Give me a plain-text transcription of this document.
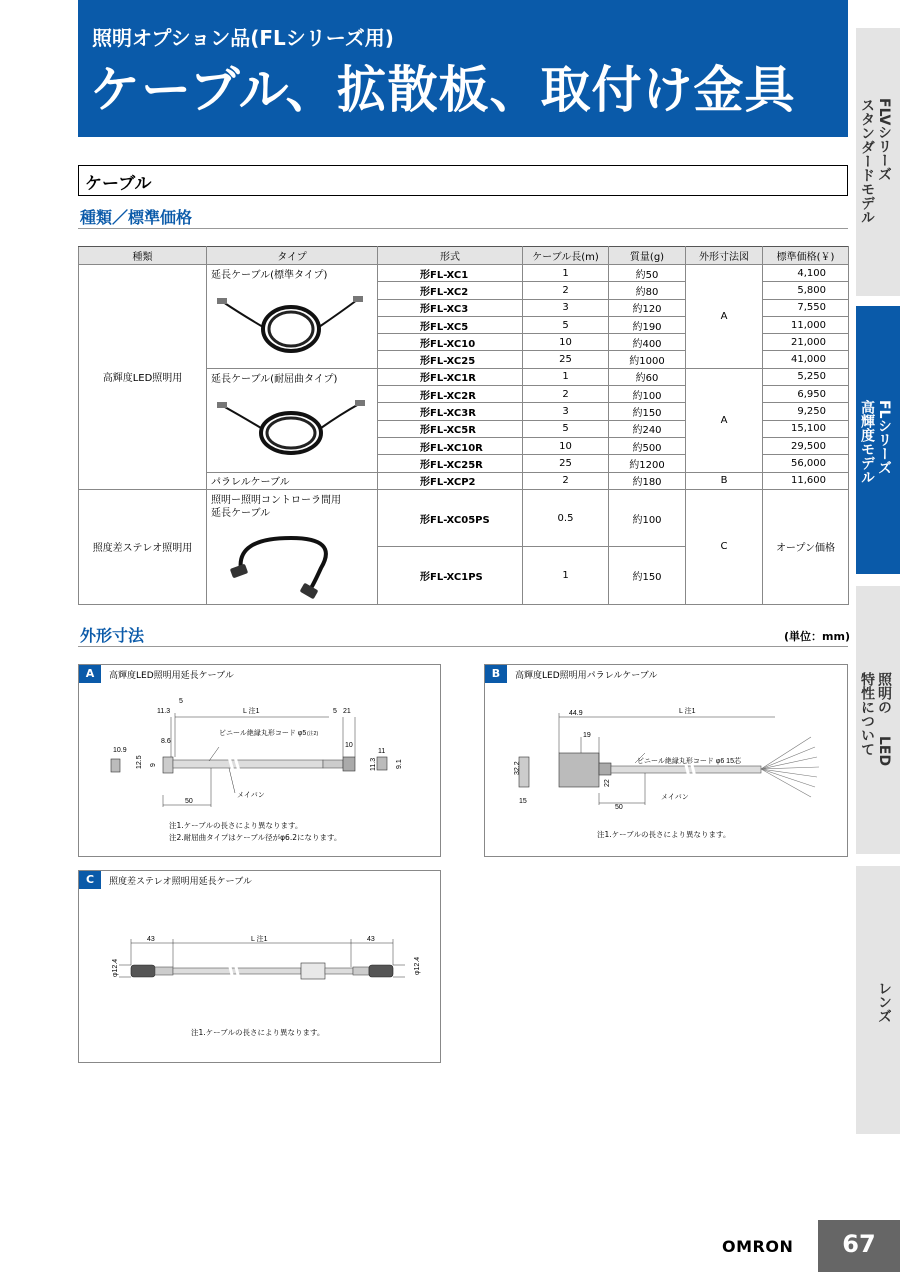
照明オプション品(FLシリーズ用)
ケーブル、拡散板、取付け金具
FLVシリーズ
スタンダードモデル
FLシリーズ
高輝度モデル
照明の
特性について LED
レンズ
ケーブル
種類／標準価格
種類	タイプ	形式	ケーブル長(m)	質量(g)	外形寸法図	標準価格(￥)
高輝度LED照明用	延長ケーブル(標準タイプ)	形FL-XC1	1	約50	A	4,100
		形FL-XC2	2	約80		5,800
		形FL-XC3	3	約120		7,550
		形FL-XC5	5	約190		11,000
		形FL-XC10	10	約400		21,000
		形FL-XC25	25	約1000		41,000

	延長ケーブル(耐屈曲タイプ)	形FL-XC1R	1	約60	A	5,250
		形FL-XC2R	2	約100		6,950
		形FL-XC3R	3	約150		9,250
		形FL-XC5R	5	約240		15,100
		形FL-XC10R	10	約500		29,500
		形FL-XC25R	25	約1200		56,000
	パラレルケーブル	形FL-XCP2	2	約180	B	11,600
照度差ステレオ照明用	照明ー照明コントローラ間用
延長ケーブル	形FL-XC05PS	0.5	約100	C	オープン価格
		形FL-XC1PS	1	約150		
外形寸法	(単位：mm)
A	高輝度LED照明用延長ケーブル
5
11.3	L 注1	5 21
ビニール絶縁丸形コード φ5 (注2)
10.9
8.6
12.5 9
10
11
11.3	9.1
50
メイバン
注1.ケーブルの長さにより異なります。
注2.耐屈曲タイプはケーブル径がφ6.2になります。
B	高輝度LED照明用パラレルケーブル
L 注1
44.9
19
ビニール絶縁丸形コード φ6 15芯
32.2
22
15
50
メイバン
注1.ケーブルの長さにより異なります。
C	照度差ステレオ照明用延長ケーブル
43	L 注1	43
φ12.4	φ12.4
注1.ケーブルの長さにより異なります。
OMRON	67
